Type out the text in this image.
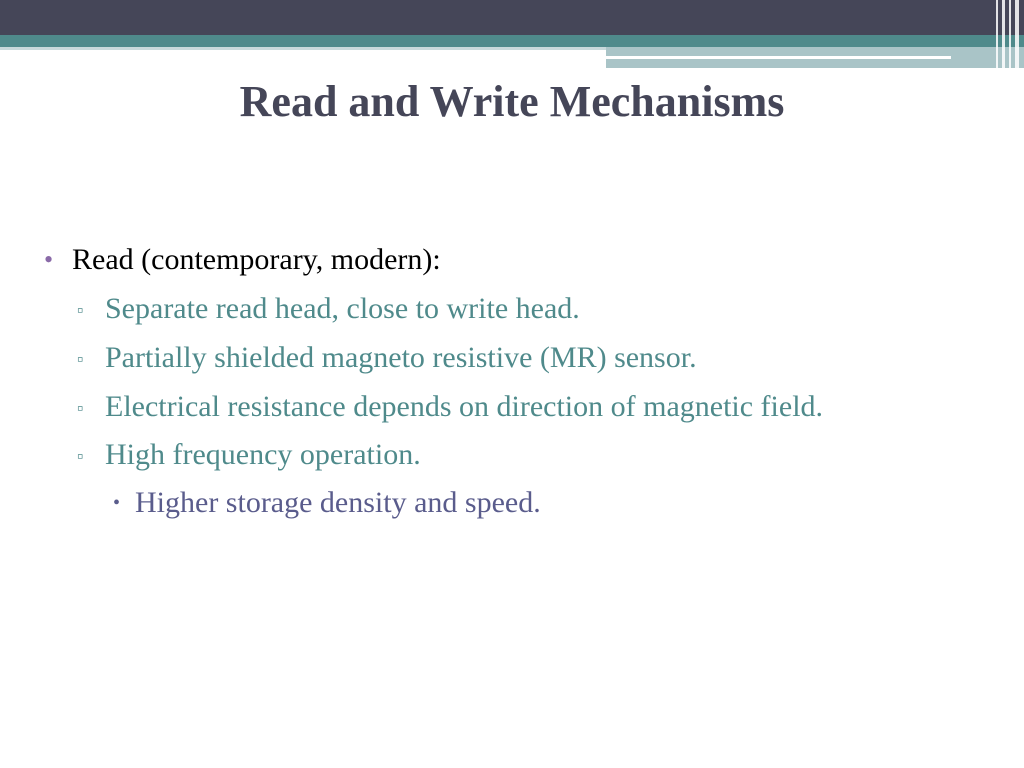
Read and Write Mechanisms
• Read (contemporary, modern):
▫ Separate read head, close to write head.
▫ Partially shielded magneto resistive (MR) sensor.
▫ Electrical resistance depends on direction of magnetic field.
▫ High frequency operation.
• Higher storage density and speed.
